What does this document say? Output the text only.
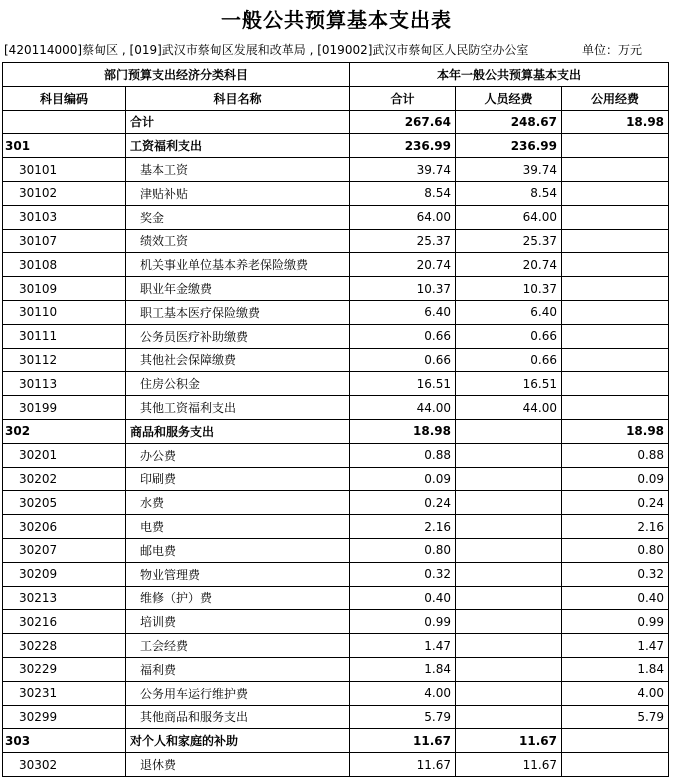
一般公共预算基本支出表
[420114000]蔡甸区 , [019]武汉市蔡甸区发展和改革局 , [019002]武汉市蔡甸区人民防空办公室	单位：万元
部门预算支出经济分类科目		本年一般公共预算基本支出		
科目编码	科目名称	合计	人员经费	公用经费
	合计	267.64	248.67	18.98
301	工资福利支出	236.99	236.99	
30101	基本工资	39.74	39.74	
30102	津贴补贴	8.54	8.54	
30103	奖金	64.00	64.00	
30107	绩效工资	25.37	25.37	
30108	机关事业单位基本养老保险缴费	20.74	20.74	
30109	职业年金缴费	10.37	10.37	
30110	职工基本医疗保险缴费	6.40	6.40	
30111	公务员医疗补助缴费	0.66	0.66	
30112	其他社会保障缴费	0.66	0.66	
30113	住房公积金	16.51	16.51	
30199	其他工资福利支出	44.00	44.00	
302	商品和服务支出	18.98		18.98
30201	办公费	0.88		0.88
30202	印刷费	0.09		0.09
30205	水费	0.24		0.24
30206	电费	2.16		2.16
30207	邮电费	0.80		0.80
30209	物业管理费	0.32		0.32
30213	维修（护）费	0.40		0.40
30216	培训费	0.99		0.99
30228	工会经费	1.47		1.47
30229	福利费	1.84		1.84
30231	公务用车运行维护费	4.00		4.00
30299	其他商品和服务支出	5.79		5.79
303	对个人和家庭的补助	11.67	11.67	
30302	退休费	11.67	11.67	
